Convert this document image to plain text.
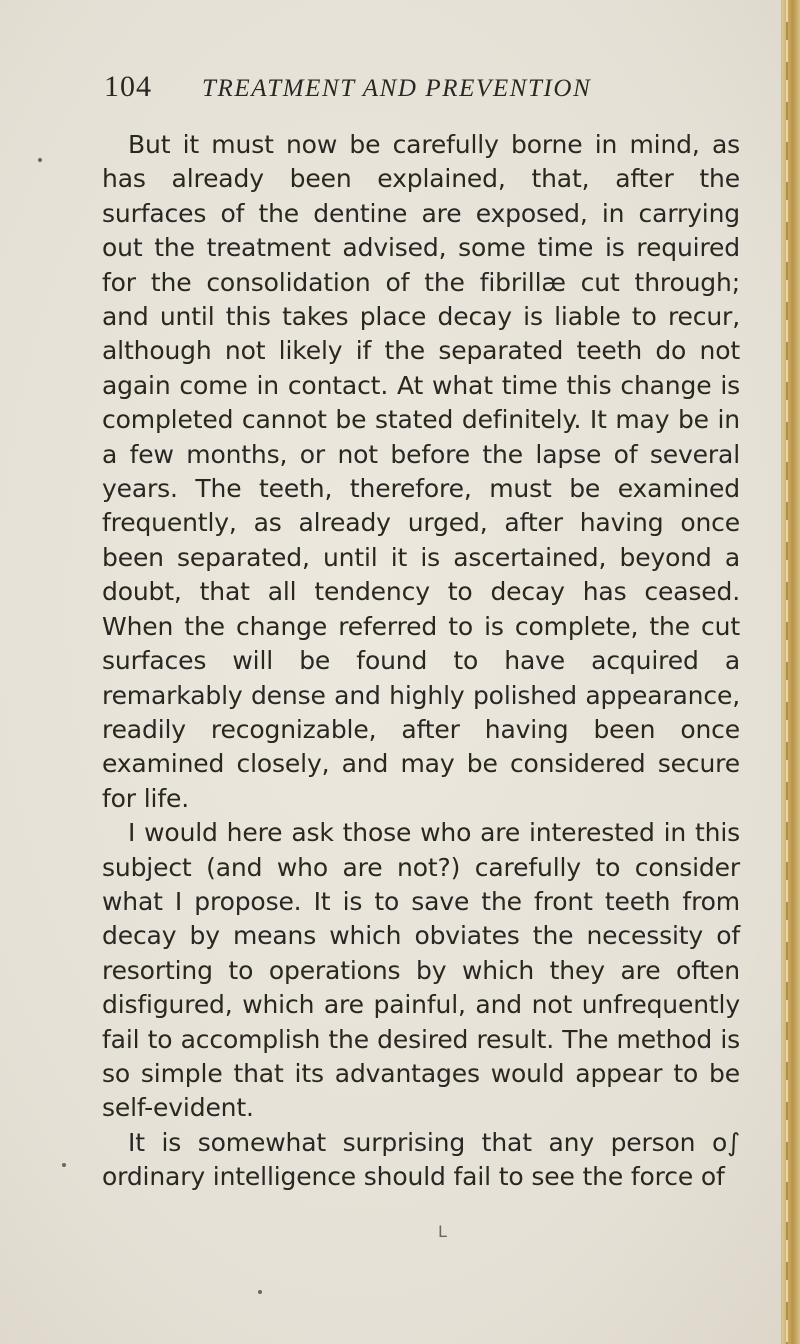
104	TREATMENT AND PREVENTION

But it must now be carefully borne in mind, as has already been explained, that, after the surfaces of the dentine are exposed, in carrying out the treatment advised, some time is required for the consolidation of the fibrillæ cut through; and until this takes place decay is liable to recur, although not likely if the separated teeth do not again come in contact. At what time this change is completed cannot be stated definitely. It may be in a few months, or not before the lapse of several years. The teeth, therefore, must be examined frequently, as already urged, after having once been separated, until it is ascertained, beyond a doubt, that all tendency to decay has ceased. When the change referred to is complete, the cut surfaces will be found to have acquired a remarkably dense and highly polished appearance, readily recognizable, after having been once examined closely, and may be considered secure for life.

I would here ask those who are interested in this subject (and who are not?) carefully to consider what I propose. It is to save the front teeth from decay by means which obviates the necessity of resorting to operations by which they are often disfigured, which are painful, and not unfrequently fail to accomplish the desired result. The method is so simple that its advantages would appear to be self-evident.

It is somewhat surprising that any person o∫ ordinary intelligence should fail to see the force of

L
